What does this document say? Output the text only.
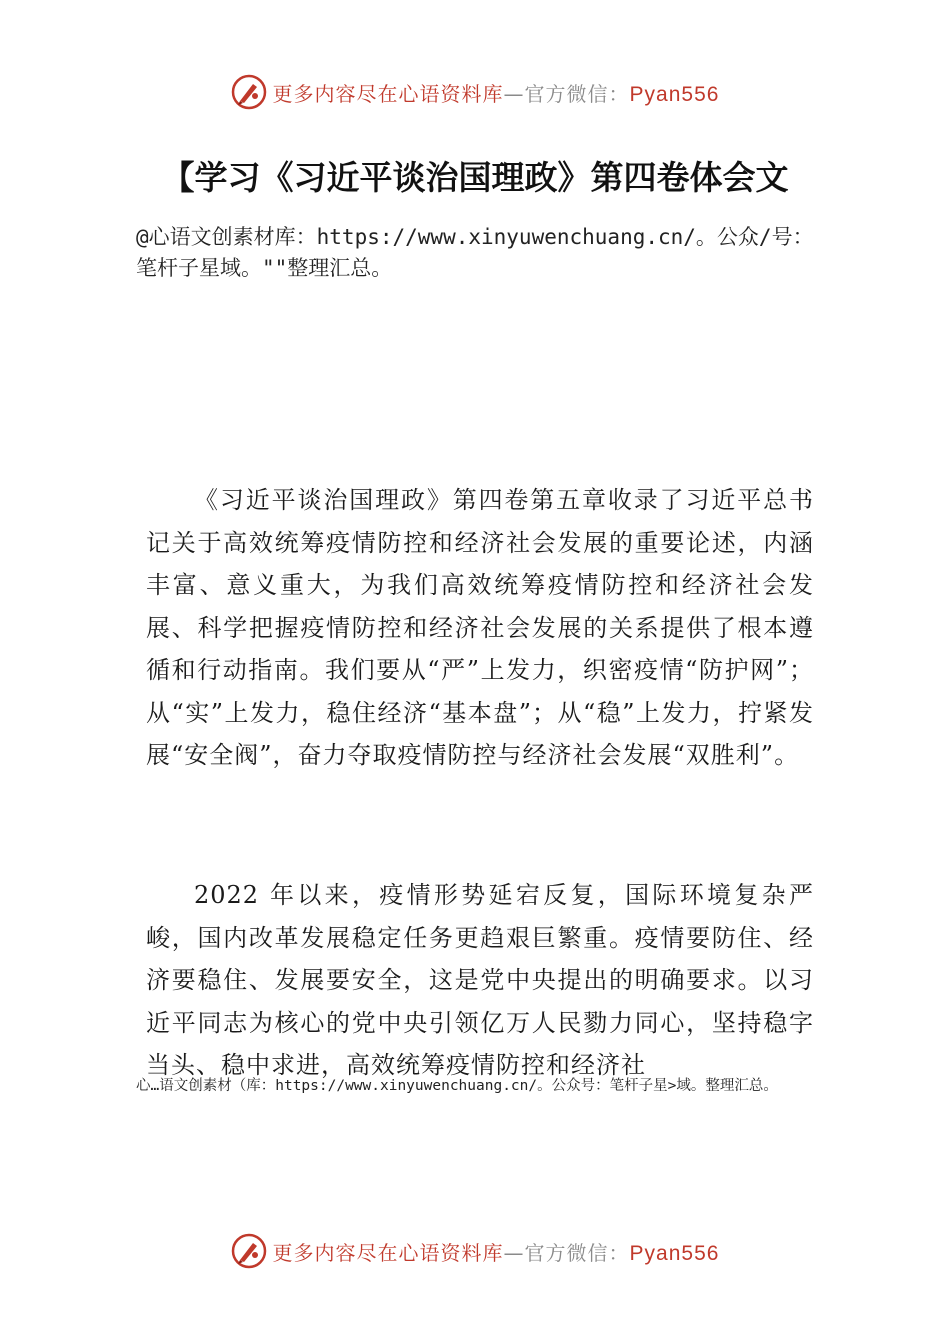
更多内容尽在心语资料库—官方微信：Pyan556
【学习《习近平谈治国理政》第四卷体会文
@心语文创素材库：https://www.xinyuwenchuang.cn/。公众/号：笔杆子星域。""整理汇总。

《习近平谈治国理政》第四卷第五章收录了习近平总书记关于高效统筹疫情防控和经济社会发展的重要论述，内涵丰富、意义重大，为我们高效统筹疫情防控和经济社会发展、科学把握疫情防控和经济社会发展的关系提供了根本遵循和行动指南。我们要从“严”上发力，织密疫情“防护网”；从“实”上发力，稳住经济“基本盘”；从“稳”上发力，拧紧发展“安全阀”，奋力夺取疫情防控与经济社会发展“双胜利”。

2022 年以来，疫情形势延宕反复，国际环境复杂严峻，国内改革发展稳定任务更趋艰巨繁重。疫情要防住、经济要稳住、发展要安全，这是党中央提出的明确要求。以习近平同志为核心的党中央引领亿万人民勠力同心，坚持稳字当头、稳中求进，高效统筹疫情防控和经济社

心…语文创素材（库：https://www.xinyuwenchuang.cn/。公众号：笔杆子星>域。整理汇总。
更多内容尽在心语资料库—官方微信：Pyan556
